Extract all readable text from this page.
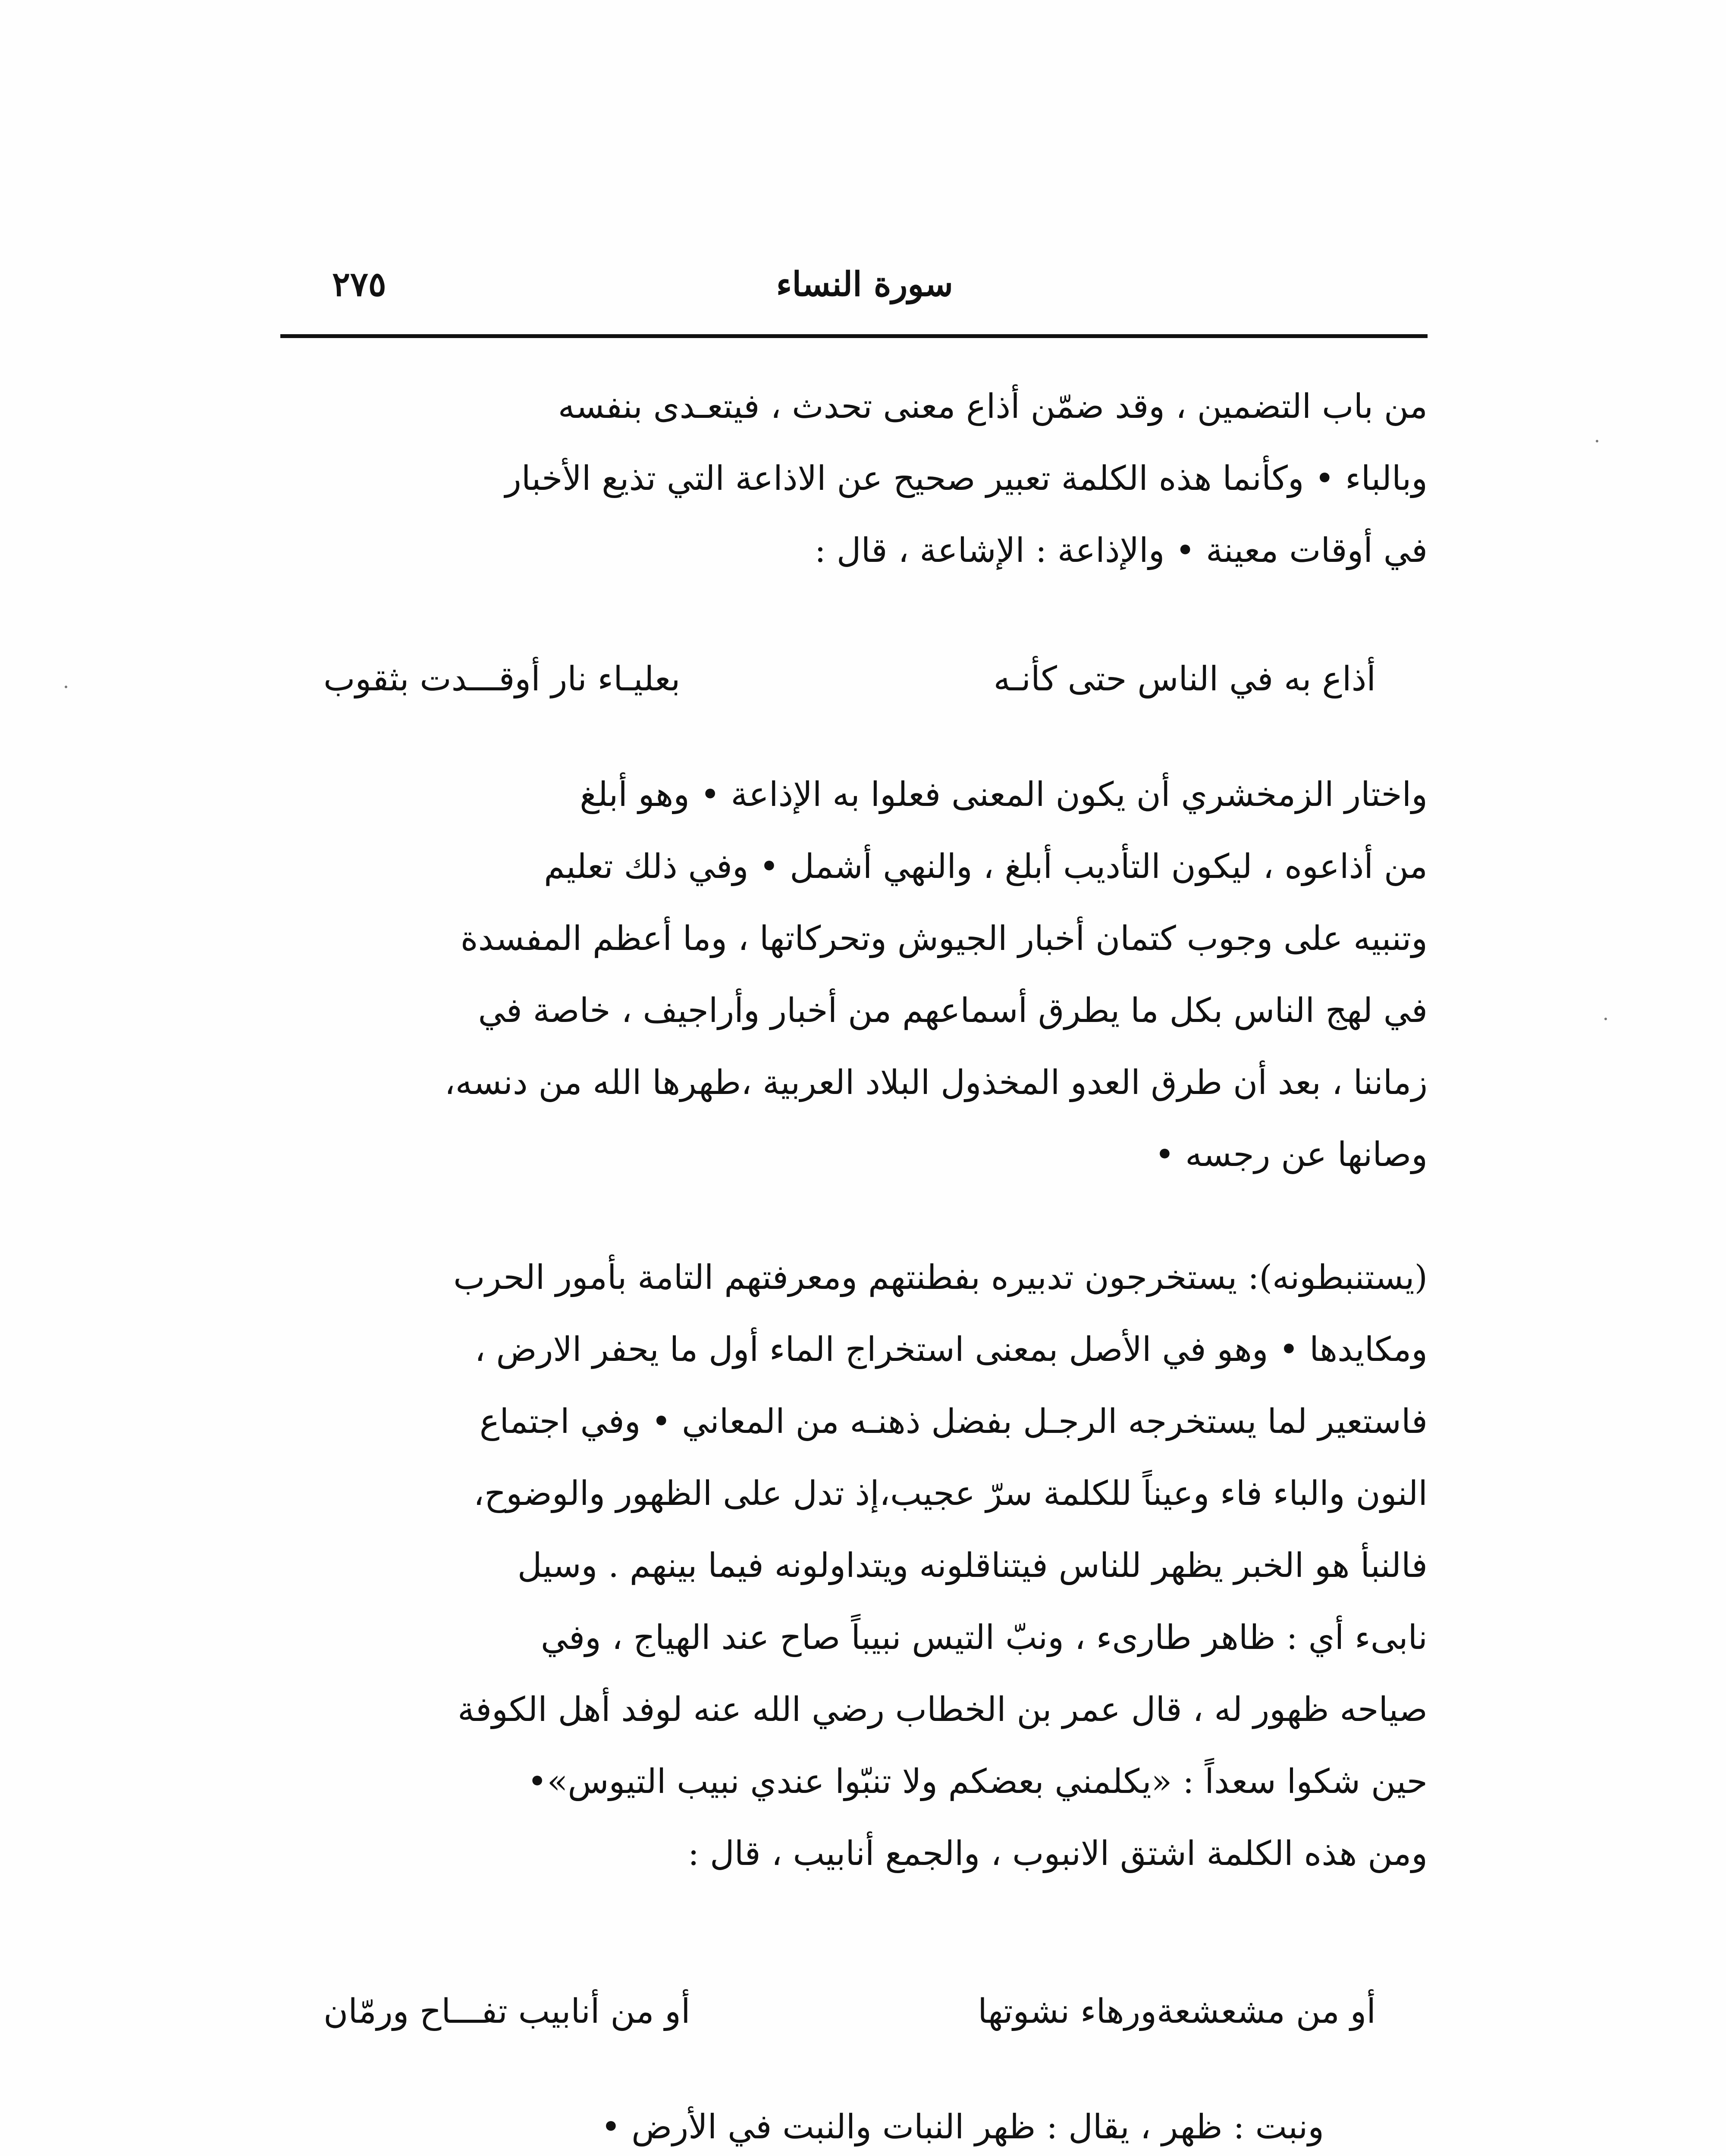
سورة النساء
٢٧٥
من باب التضمين ، وقد ضمّن أذاع معنى تحدث ، فيتعـدى بنفسه
وبالباء • وكأنما هذه الكلمة تعبير صحيح عن الاذاعة التي تذيع الأخبار
في أوقات معينة • والإذاعة : الإشاعة ، قال :
أذاع به في الناس حتى كأنـه
بعليـاء نار أوقـــدت بثقوب
واختار الزمخشري أن يكون المعنى فعلوا به الإذاعة • وهو أبلغ
من أذاعوه ، ليكون التأديب أبلغ ، والنهي أشمل • وفي ذلك تعليم
وتنبيه على وجوب كتمان أخبار الجيوش وتحركاتها ، وما أعظم المفسدة
في لهج الناس بكل ما يطرق أسماعهم من أخبار وأراجيف ، خاصة في
زماننا ، بعد أن طرق العدو المخذول البلاد العربية ،طهرها الله من دنسه،
وصانها عن رجسه •
(يستنبطونه): يستخرجون تدبيره بفطنتهم ومعرفتهم التامة بأمور الحرب
ومكايدها • وهو في الأصل بمعنى استخراج الماء أول ما يحفر الارض ،
فاستعير لما يستخرجه الرجـل بفضل ذهنـه من المعاني • وفي اجتماع
النون والباء فاء وعيناً للكلمة سرّ عجيب،إذ تدل على الظهور والوضوح،
فالنبأ هو الخبر يظهر للناس فيتناقلونه ويتداولونه فيما بينهم . وسيل
نابىء أي : ظاهر طارىء ، ونبّ التيس نبيباً صاح عند الهياج ، وفي
صياحه ظهور له ، قال عمر بن الخطاب رضي الله عنه لوفد أهل الكوفة
حين شكوا سعداً : «يكلمني بعضكم ولا تنبّوا عندي نبيب التيوس»•
ومن هذه الكلمة اشتق الانبوب ، والجمع أنابيب ، قال :
أو من مشعشعةورهاء نشوتها
أو من أنابيب تفـــاح ورمّان
ونبت : ظهر ، يقال : ظهر النبات والنبت في الأرض •
